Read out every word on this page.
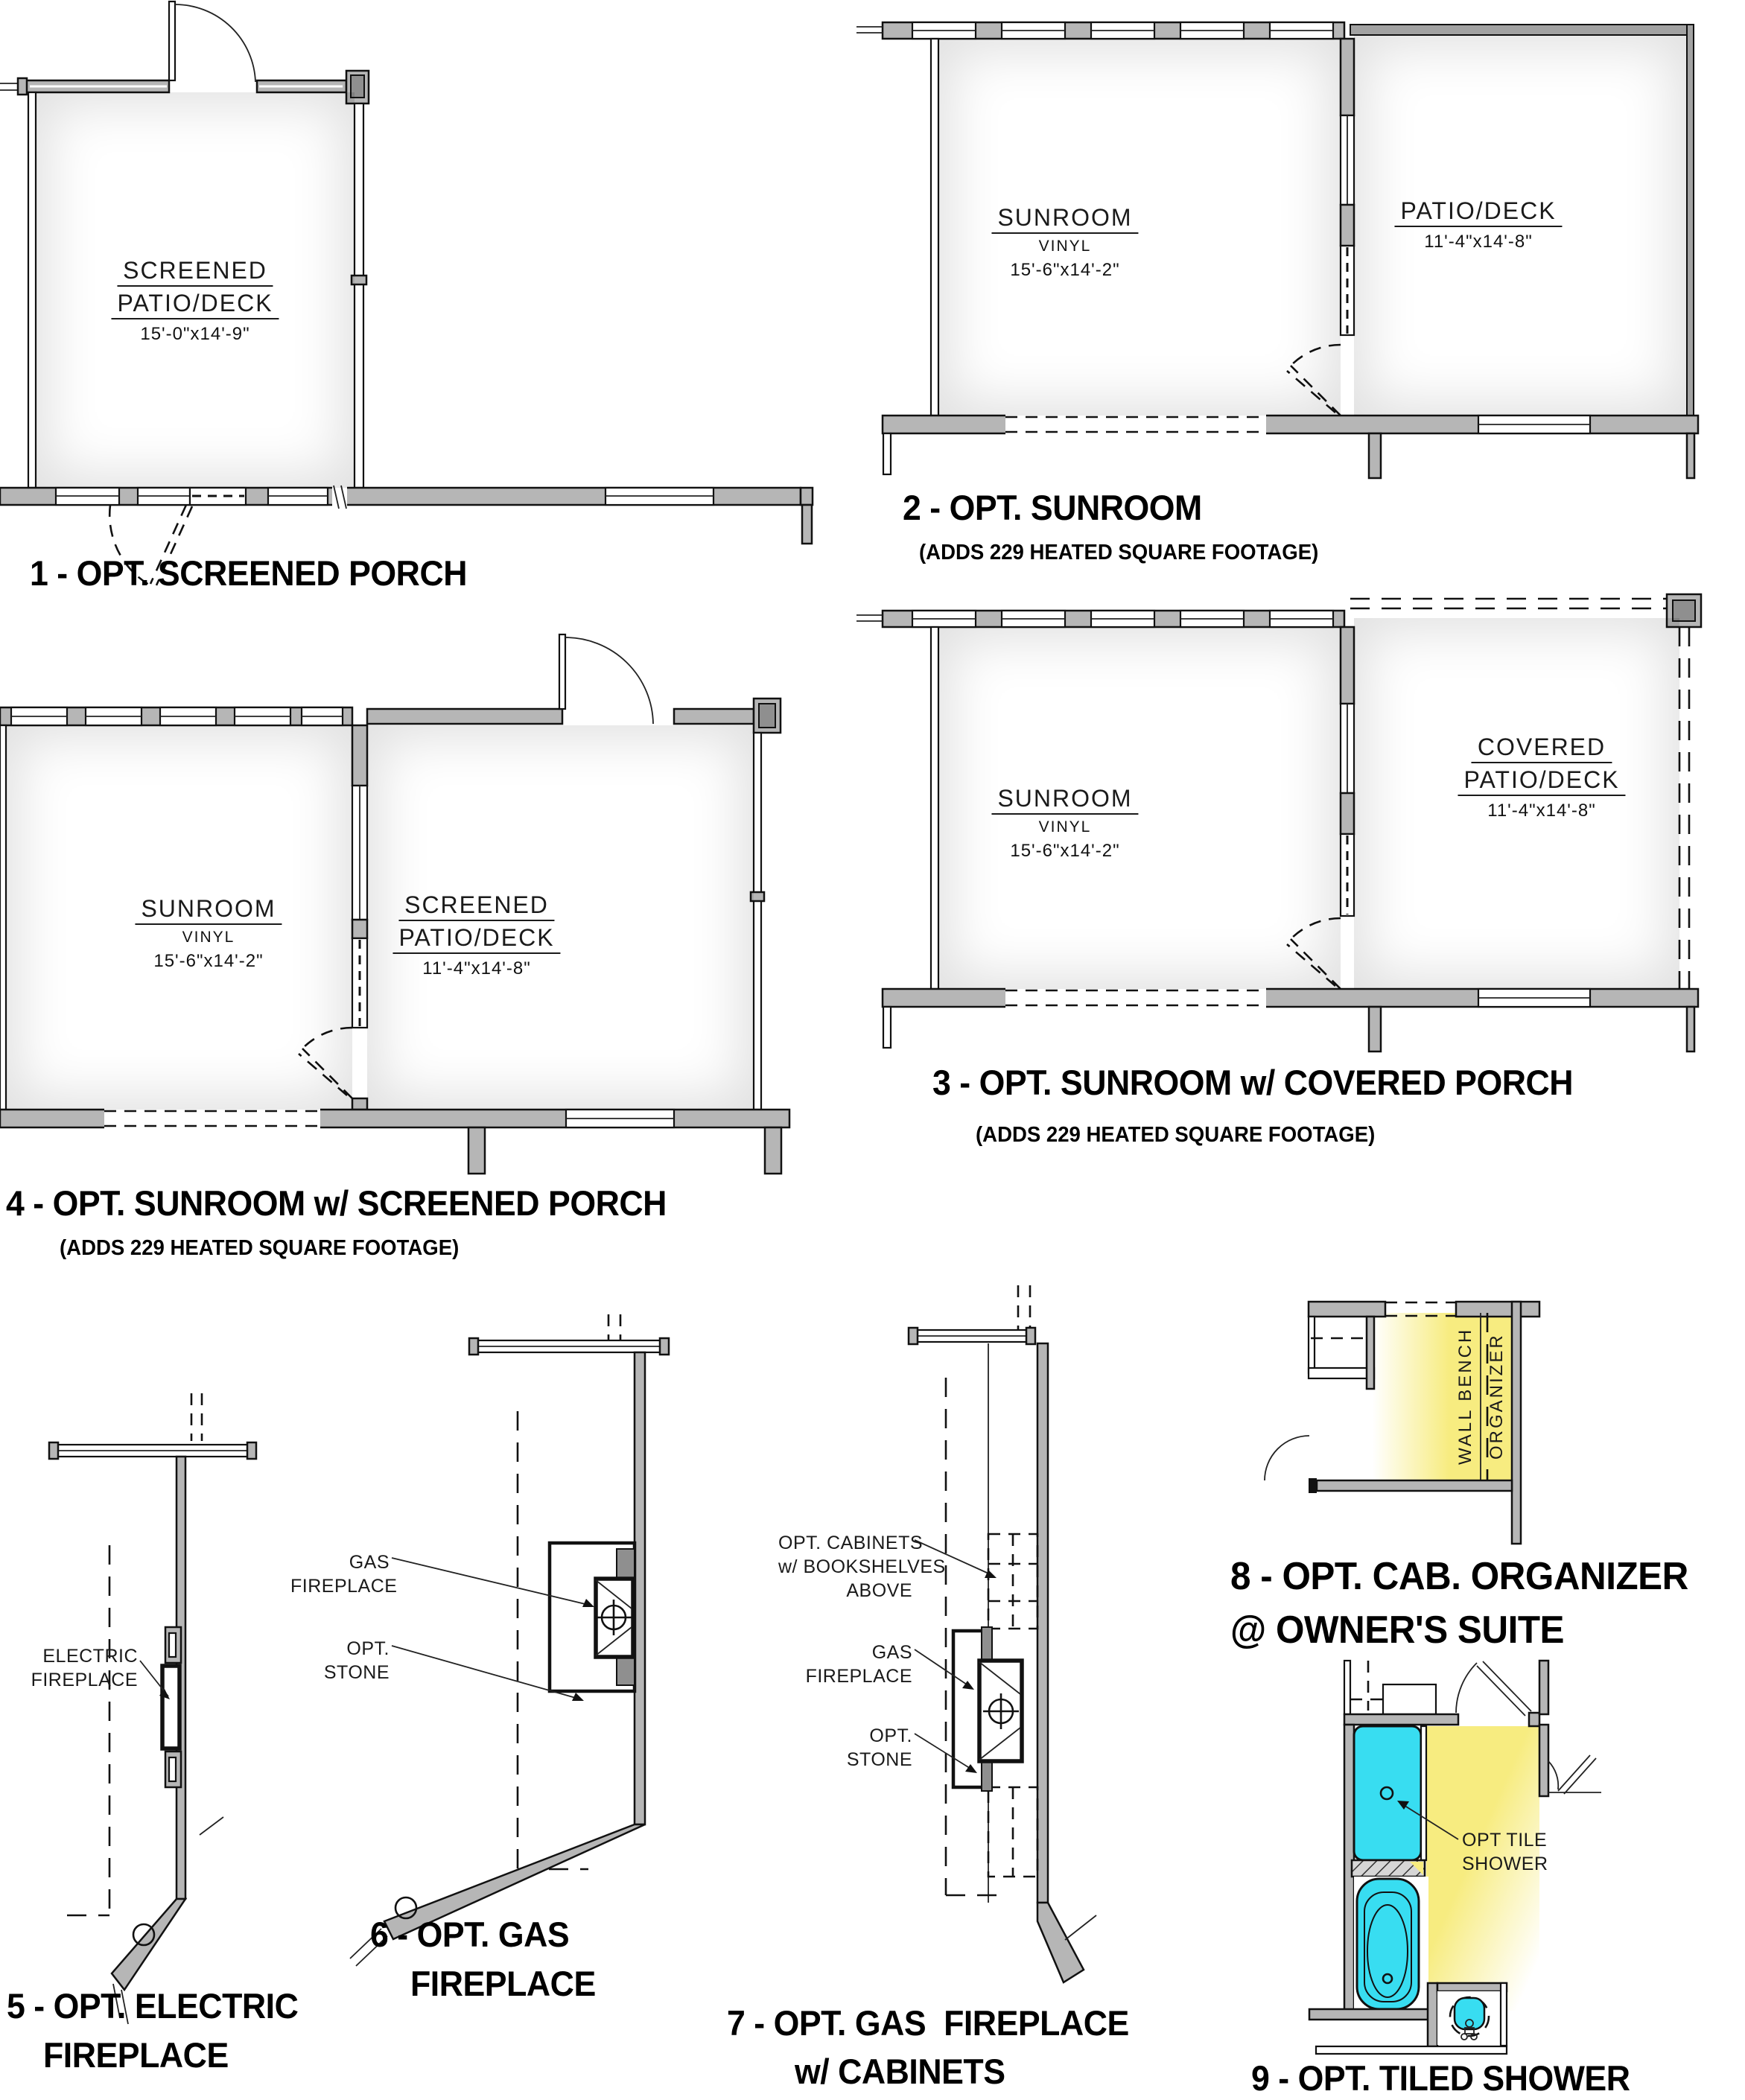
SCREENED
PATIO/DECK
15'-0"x14'-9"
1 - OPT. SCREENED PORCH
SUNROOM
VINYL
15'-6"x14'-2"
PATIO/DECK
11'-4"x14'-8"
2 - OPT. SUNROOM
(ADDS 229 HEATED SQUARE FOOTAGE)
SUNROOM
VINYL
15'-6"x14'-2"
COVERED
PATIO/DECK
11'-4"x14'-8"
3 - OPT. SUNROOM w/ COVERED PORCH
(ADDS 229 HEATED SQUARE FOOTAGE)
SUNROOM
VINYL
15'-6"x14'-2"
SCREENED
PATIO/DECK
11'-4"x14'-8"
4 - OPT. SUNROOM w/ SCREENED PORCH
(ADDS 229 HEATED SQUARE FOOTAGE)
ELECTRIC
FIREPLACE
5 - OPT. ELECTRIC
FIREPLACE
GAS
FIREPLACE
OPT.
STONE
6 - OPT. GAS
FIREPLACE
OPT. CABINETS
w/ BOOKSHELVES
ABOVE
GAS
FIREPLACE
OPT.
STONE
7 - OPT. GAS  FIREPLACE
w/ CABINETS
WALL BENCH ORGANIZER
8 - OPT. CAB. ORGANIZER
@ OWNER'S SUITE
OPT TILE
SHOWER
9 - OPT. TILED SHOWER
